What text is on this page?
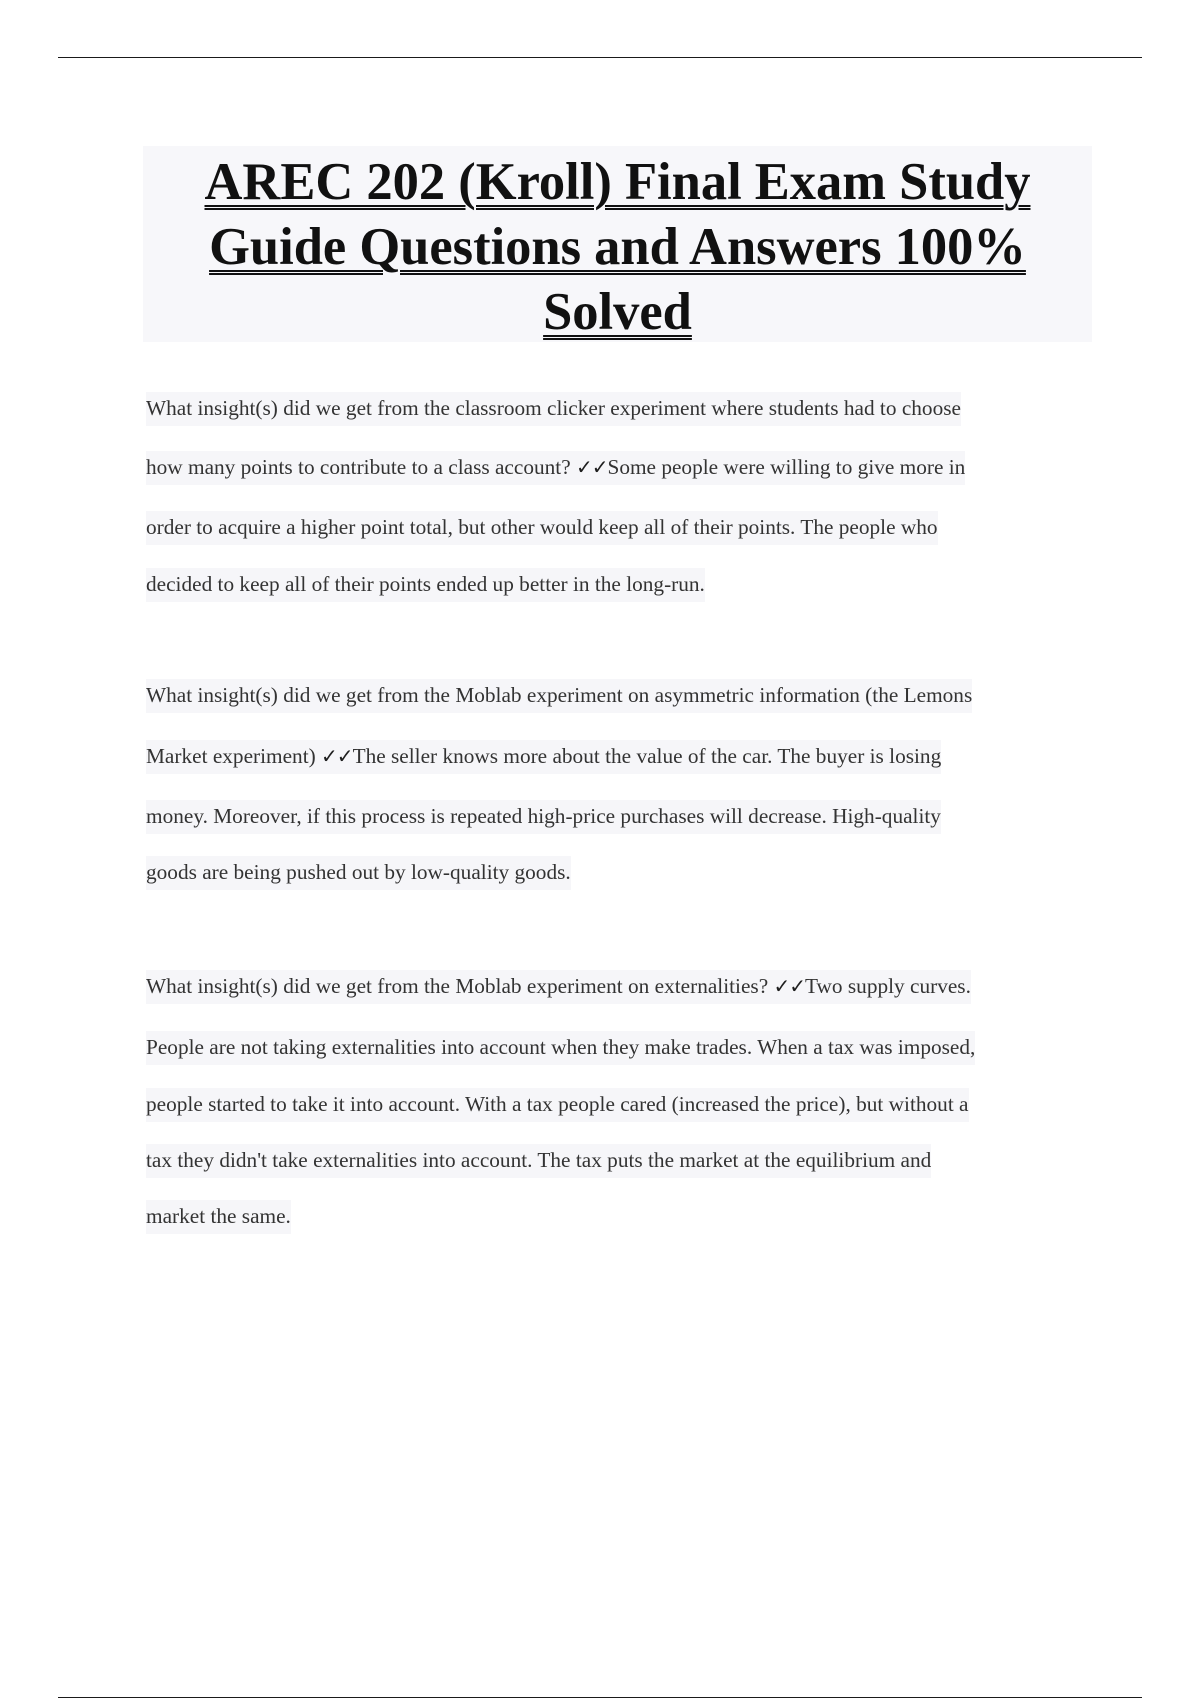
AREC 202 (Kroll) Final Exam Study
Guide Questions and Answers 100%
Solved
What insight(s) did we get from the classroom clicker experiment where students had to choose
how many points to contribute to a class account? ✓✓Some people were willing to give more in
order to acquire a higher point total, but other would keep all of their points. The people who
decided to keep all of their points ended up better in the long-run.
What insight(s) did we get from the Moblab experiment on asymmetric information (the Lemons
Market experiment) ✓✓The seller knows more about the value of the car. The buyer is losing
money. Moreover, if this process is repeated high-price purchases will decrease. High-quality
goods are being pushed out by low-quality goods.
What insight(s) did we get from the Moblab experiment on externalities? ✓✓Two supply curves.
People are not taking externalities into account when they make trades. When a tax was imposed,
people started to take it into account. With a tax people cared (increased the price), but without a
tax they didn't take externalities into account. The tax puts the market at the equilibrium and
market the same.
